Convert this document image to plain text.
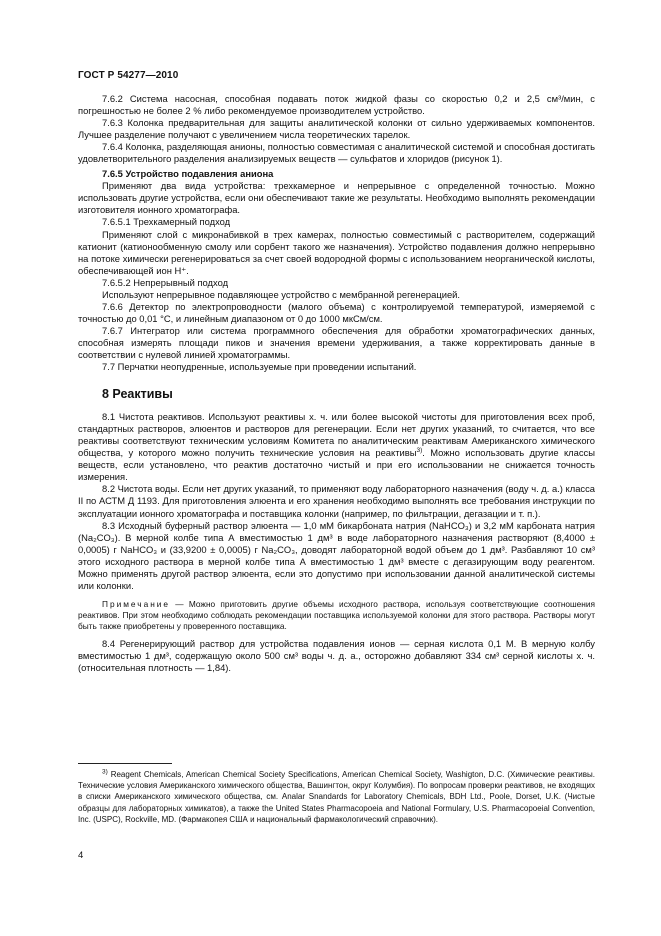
ГОСТ Р 54277—2010

7.6.2 Система насосная, способная подавать поток жидкой фазы со скоростью 0,2 и 2,5 см³/мин, с погрешностью не более 2 % либо рекомендуемое производителем устройство.

7.6.3 Колонка предварительная для защиты аналитической колонки от сильно удерживаемых компонентов. Лучшее разделение получают с увеличением числа теоретических тарелок.

7.6.4 Колонка, разделяющая анионы, полностью совместимая с аналитической системой и способная достигать удовлетворительного разделения анализируемых веществ — сульфатов и хлоридов (рисунок 1).

7.6.5 Устройство подавления аниона

Применяют два вида устройства: трехкамерное и непрерывное с определенной точностью. Можно использовать другие устройства, если они обеспечивают такие же результаты. Необходимо выполнять рекомендации изготовителя ионного хроматографа.

7.6.5.1 Трехкамерный подход

Применяют слой с микронабивкой в трех камерах, полностью совместимый с растворителем, содержащий катионит (катионообменную смолу или сорбент такого же назначения). Устройство подавления должно непрерывно на потоке химически регенерироваться за счет своей водородной формы с использованием неорганической кислоты, обеспечивающей ион H⁺.

7.6.5.2 Непрерывный подход

Используют непрерывное подавляющее устройство с мембранной регенерацией.

7.6.6 Детектор по электропроводности (малого объема) с контролируемой температурой, измеряемой с точностью до 0,01 °С, и линейным диапазоном от 0 до 1000 мкСм/см.

7.6.7 Интегратор или система программного обеспечения для обработки хроматографических данных, способная измерять площади пиков и значения времени удерживания, а также корректировать данные в соответствии с нулевой линией хроматограммы.

7.7 Перчатки неопудренные, используемые при проведении испытаний.

8 Реактивы

8.1 Чистота реактивов. Используют реактивы х. ч. или более высокой чистоты для приготовления всех проб, стандартных растворов, элюентов и растворов для регенерации. Если нет других указаний, то считается, что все реактивы соответствуют техническим условиям Комитета по аналитическим реактивам Американского химического общества, у которого можно получить технические условия на реактивы$^{3)}$. Можно использовать другие классы веществ, если установлено, что реактив достаточно чистый и при его использовании не снижается точность измерения.

8.2 Чистота воды. Если нет других указаний, то применяют воду лабораторного назначения (воду ч. д. а.) класса II по АСТМ Д 1193. Для приготовления элюента и его хранения необходимо выполнять все требования инструкции по эксплуатации ионного хроматографа и поставщика колонки (например, по фильтрации, дегазации и т. п.).

8.3 Исходный буферный раствор элюента — 1,0 мМ бикарбоната натрия (NaHCO₃) и 3,2 мМ карбоната натрия (Na₂CO₃). В мерной колбе типа А вместимостью 1 дм³ в воде лабораторного назначения растворяют (8,4000 ± 0,0005) г NaHCO₃ и (33,9200 ± 0,0005) г Na₂CO₃, доводят лабораторной водой объем до 1 дм³. Разбавляют 10 см³ этого исходного раствора в мерной колбе типа А вместимостью 1 дм³ вместе с дегазирующим воду реагентом. Можно применять другой раствор элюента, если это допустимо при использовании данной аналитической системы или колонки.

Примечание — Можно приготовить другие объемы исходного раствора, используя соответствующие соотношения реактивов. При этом необходимо соблюдать рекомендации поставщика используемой колонки для этого раствора. Растворы могут быть также приобретены у проверенного поставщика.

8.4 Регенерирующий раствор для устройства подавления ионов — серная кислота 0,1 М. В мерную колбу вместимостью 1 дм³, содержащую около 500 см³ воды ч. д. а., осторожно добавляют 334 см³ серной кислоты х. ч. (относительная плотность — 1,84).

$^{3)}$ Reagent Chemicals, American Chemical Society Specifications, American Chemical Society, Washigton, D.C. (Химические реактивы. Технические условия Американского химического общества, Вашингтон, округ Колумбия). По вопросам проверки реактивов, не входящих в списки Американского химического общества, см. Analar Snandards for Laboratory Chemicals, BDH Ltd., Poole, Dorset, U.K. (Чистые образцы для лабораторных химикатов), а также the United States Pharmacopoeia and National Formulary, U.S. Pharmacopoeial Convention, Inc. (USPC), Rockville, MD. (Фармакопея США и национальный фармакологический справочник).
4
